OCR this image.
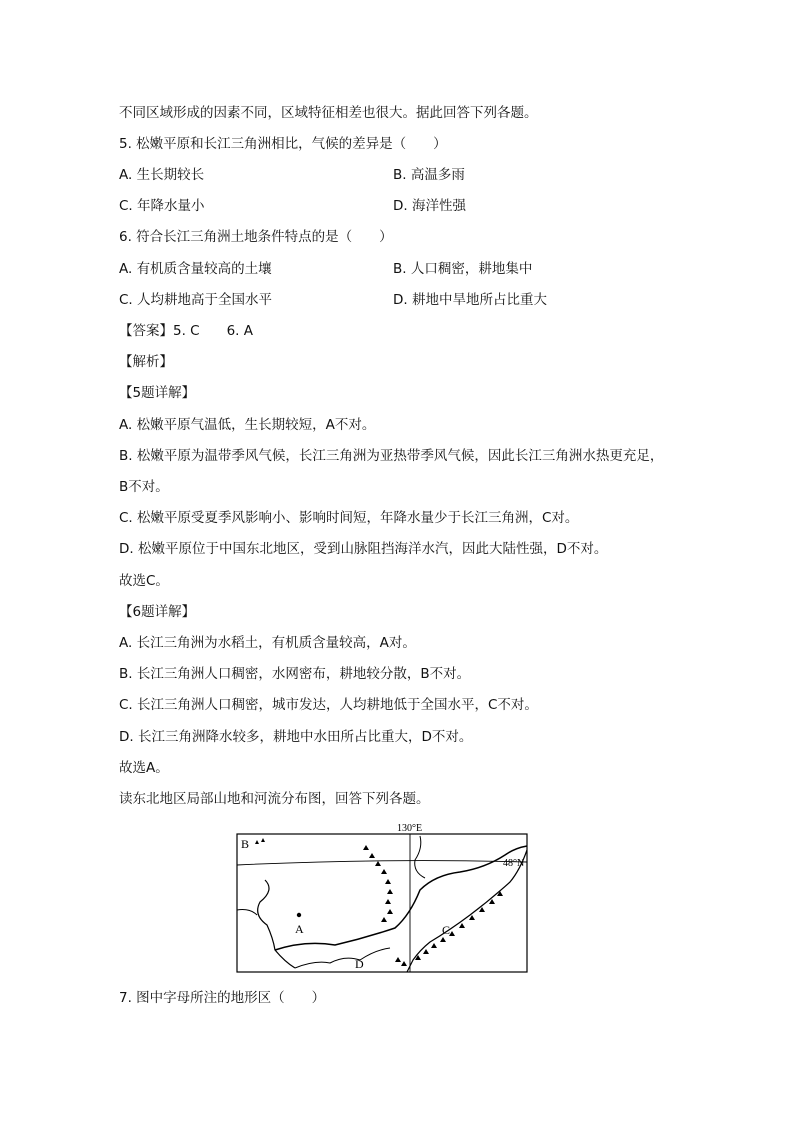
不同区域形成的因素不同，区域特征相差也很大。据此回答下列各题。
5. 松嫩平原和长江三角洲相比，气候的差异是（　　）
A. 生长期较长	B. 高温多雨
C. 年降水量小	D. 海洋性强
6. 符合长江三角洲土地条件特点的是（　　）
A. 有机质含量较高的土壤	B. 人口稠密，耕地集中
C. 人均耕地高于全国水平	D. 耕地中旱地所占比重大
【答案】5. C　　6. A
【解析】
【5题详解】
A. 松嫩平原气温低，生长期较短，A不对。
B. 松嫩平原为温带季风气候，长江三角洲为亚热带季风气候，因此长江三角洲水热更充足，
B不对。
C. 松嫩平原受夏季风影响小、影响时间短，年降水量少于长江三角洲，C对。
D. 松嫩平原位于中国东北地区，受到山脉阻挡海洋水汽，因此大陆性强，D不对。
故选C。
【6题详解】
A. 长江三角洲为水稻土，有机质含量较高，A对。
B. 长江三角洲人口稠密，水网密布，耕地较分散，B不对。
C. 长江三角洲人口稠密，城市发达，人均耕地低于全国水平，C不对。
D. 长江三角洲降水较多，耕地中水田所占比重大，D不对。
故选A。
读东北地区局部山地和河流分布图，回答下列各题。
130°E
48°N
A
B
C
D
7. 图中字母所注的地形区（　　）
